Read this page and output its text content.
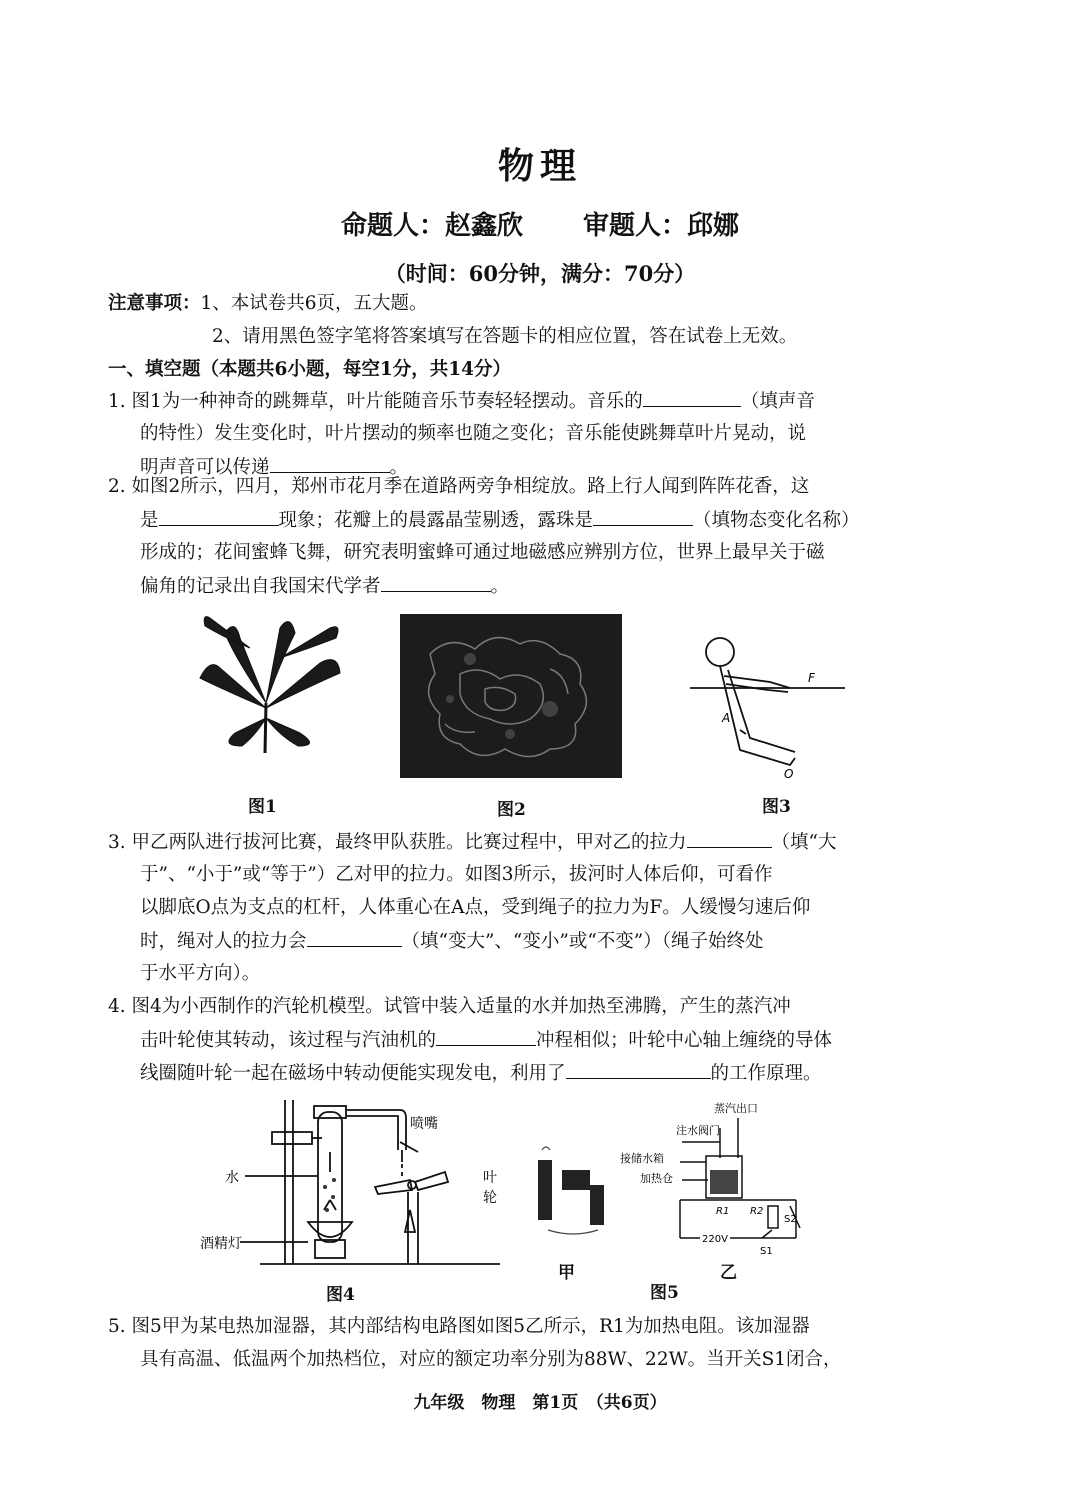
物理
命题人：赵鑫欣 审题人：邱娜
（时间：60分钟，满分：70分）
注意事项：1、本试卷共6页，五大题。
2、请用黑色签字笔将答案填写在答题卡的相应位置，答在试卷上无效。
一、填空题（本题共6小题，每空1分，共14分）
1. 图1为一种神奇的跳舞草，叶片能随音乐节奏轻轻摆动。音乐的	（填声音
的特性）发生变化时，叶片摆动的频率也随之变化；音乐能使跳舞草叶片晃动，说
明声音可以传递	。
2. 如图2所示，四月，郑州市花月季在道路两旁争相绽放。路上行人闻到阵阵花香，这
是	现象；花瓣上的晨露晶莹剔透，露珠是	（填物态变化名称）
形成的；花间蜜蜂飞舞，研究表明蜜蜂可通过地磁感应辨别方位，世界上最早关于磁
偏角的记录出自我国宋代学者	。
图1	图2
F
A
O
图3
3. 甲乙两队进行拔河比赛，最终甲队获胜。比赛过程中，甲对乙的拉力	（填“大
于”、“小于”或“等于”）乙对甲的拉力。如图3所示，拔河时人体后仰，可看作
以脚底O点为支点的杠杆，人体重心在A点，受到绳子的拉力为F。人缓慢匀速后仰
时，绳对人的拉力会	（填“变大”、“变小”或“不变”）（绳子始终处
于水平方向）。
4. 图4为小西制作的汽轮机模型。试管中装入适量的水并加热至沸腾，产生的蒸汽冲
击叶轮使其转动，该过程与汽油机的	冲程相似；叶轮中心轴上缠绕的导体
线圈随叶轮一起在磁场中转动便能实现发电，利用了	的工作原理。
喷嘴
水	叶
轮
酒精灯
图4
甲
蒸汽出口
注水阀门
接储水箱
加热仓
R1 R2
S2
220V
S1
乙
图5
5. 图5甲为某电热加湿器，其内部结构电路图如图5乙所示，R1为加热电阻。该加湿器
具有高温、低温两个加热档位，对应的额定功率分别为88W、22W。当开关S1闭合，
九年级　物理　第1页　（共6页）
